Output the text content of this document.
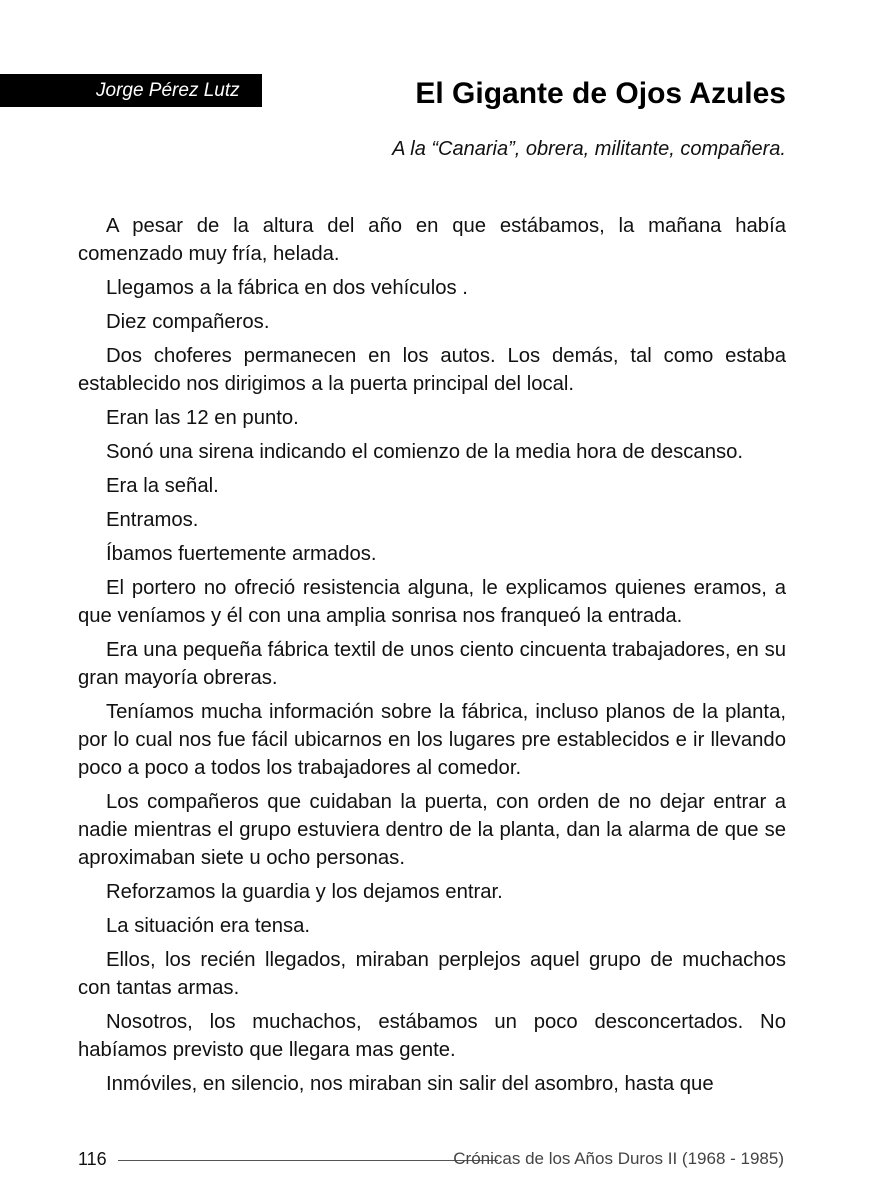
Jorge Pérez Lutz	El Gigante de Ojos Azules
A la “Canaria”, obrera, militante, compañera.

A pesar de la altura del año en que estábamos, la mañana había comenzado muy fría, helada.

Llegamos a la fábrica en dos vehículos .

Diez compañeros.

Dos choferes permanecen en los autos. Los demás, tal como estaba establecido nos dirigimos a la puerta principal del local.

Eran las 12 en punto.

Sonó una sirena indicando el comienzo de la media hora de descanso.

Era la señal.

Entramos.

Íbamos fuertemente armados.

El portero no ofreció resistencia alguna, le explicamos quienes eramos, a que veníamos y él con una amplia sonrisa nos franqueó la entrada.

Era una pequeña fábrica textil de unos ciento cincuenta trabajadores, en su gran mayoría obreras.

Teníamos mucha información sobre la fábrica, incluso planos de la planta, por lo cual nos fue fácil ubicarnos en los lugares pre establecidos e ir llevando poco a poco a todos los trabajadores al comedor.

Los compañeros que cuidaban la puerta, con orden de no dejar entrar a nadie mientras el grupo estuviera dentro de la planta, dan la alarma de que se aproximaban siete u ocho personas.

Reforzamos la guardia y los dejamos entrar.

La situación era tensa.

Ellos, los recién llegados, miraban perplejos aquel grupo de muchachos con tantas armas.

Nosotros, los muchachos, estábamos un poco desconcertados. No habíamos previsto que llegara mas gente.

Inmóviles, en silencio, nos miraban sin salir del asombro, hasta que

116	Crónicas de los Años Duros II (1968 - 1985)
